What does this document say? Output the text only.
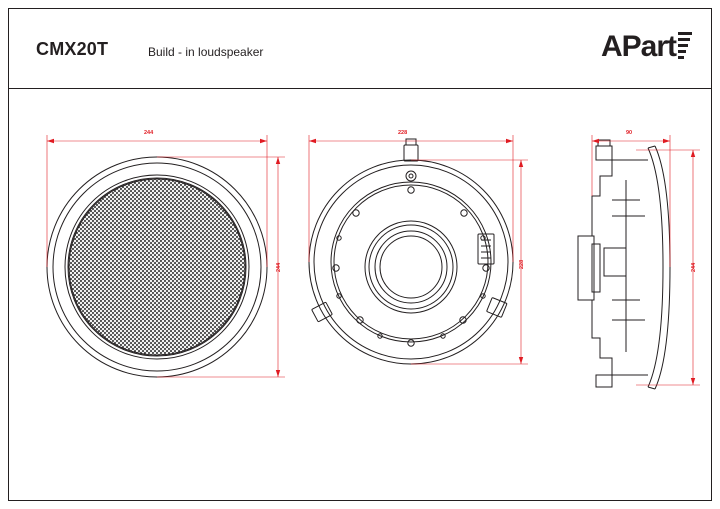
CMX20T	Build - in loudspeaker	APart
244
244
228
228
90
244
